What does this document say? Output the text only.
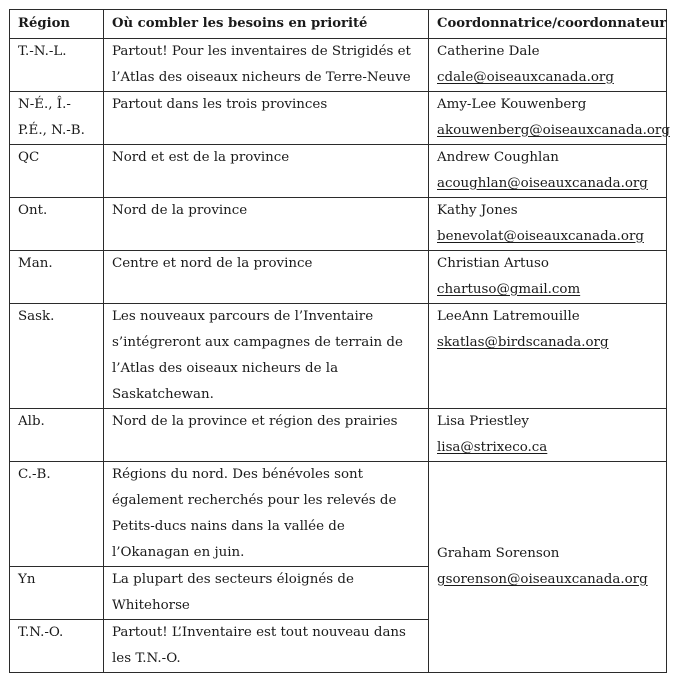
Région	Où combler les besoins en priorité	Coordonnatrice/coordonnateur
T.-N.-L.	Partout! Pour les inventaires de Strigidés et l’Atlas des oiseaux nicheurs de Terre-Neuve	Catherine Dale
cdale@oiseauxcanada.org

N-É., Î.-P.É., N.-B.	Partout dans les trois provinces	Amy-Lee Kouwenberg
akouwenberg@oiseauxcanada.org

QC	Nord et est de la province	Andrew Coughlan
acoughlan@oiseauxcanada.org

Ont.	Nord de la province	Kathy Jones
benevolat@oiseauxcanada.org

Man.	Centre et nord de la province	Christian Artuso
chartuso@gmail.com

Sask.	Les nouveaux parcours de l’Inventaire s’intégreront aux campagnes de terrain de l’Atlas des oiseaux nicheurs de la Saskatchewan.	LeeAnn Latremouille
skatlas@birdscanada.org

Alb.	Nord de la province et région des prairies	Lisa Priestley
lisa@strixeco.ca

C.-B.	Régions du nord. Des bénévoles sont également recherchés pour les relevés de Petits-ducs nains dans la vallée de l’Okanagan en juin.	Graham Sorenson
gsorenson@oiseauxcanada.org

Yn	La plupart des secteurs éloignés de Whitehorse	
T.N.-O.	Partout! L’Inventaire est tout nouveau dans les T.N.-O.	
